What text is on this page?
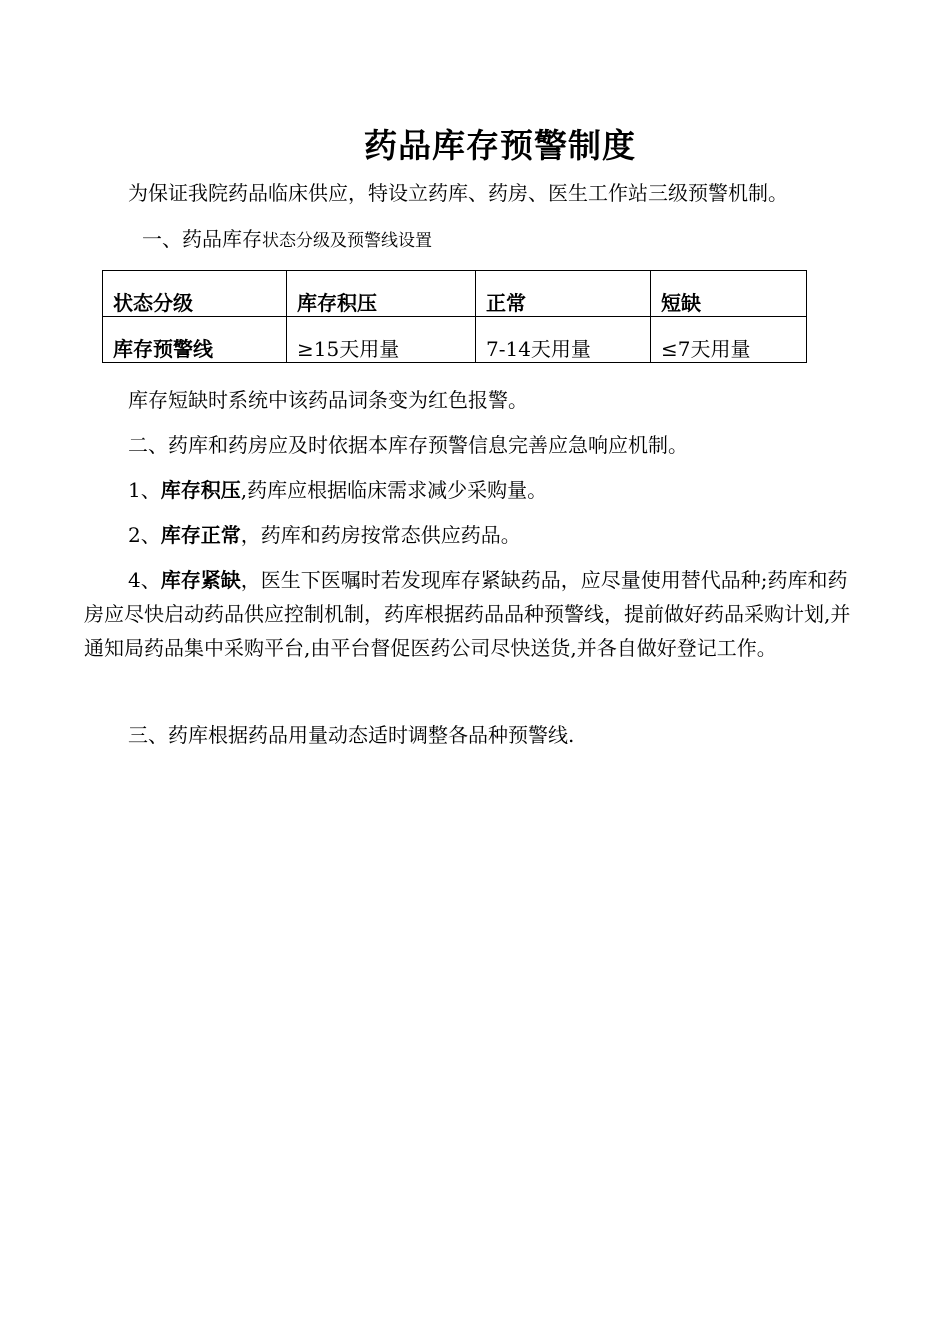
药品库存预警制度

为保证我院药品临床供应，特设立药库、药房、医生工作站三级预警机制。

一、药品库存状态分级及预警线设置

状态分级	库存积压	正常	短缺
库存预警线	≥15天用量	7-14天用量	≤7天用量

库存短缺时系统中该药品词条变为红色报警。

二、药库和药房应及时依据本库存预警信息完善应急响应机制。

1、库存积压,药库应根据临床需求减少采购量。

2、库存正常，药库和药房按常态供应药品。

4、库存紧缺，医生下医嘱时若发现库存紧缺药品，应尽量使用替代品种;药库和药房应尽快启动药品供应控制机制，药库根据药品品种预警线，提前做好药品采购计划,并通知局药品集中采购平台,由平台督促医药公司尽快送货,并各自做好登记工作。

三、药库根据药品用量动态适时调整各品种预警线.
